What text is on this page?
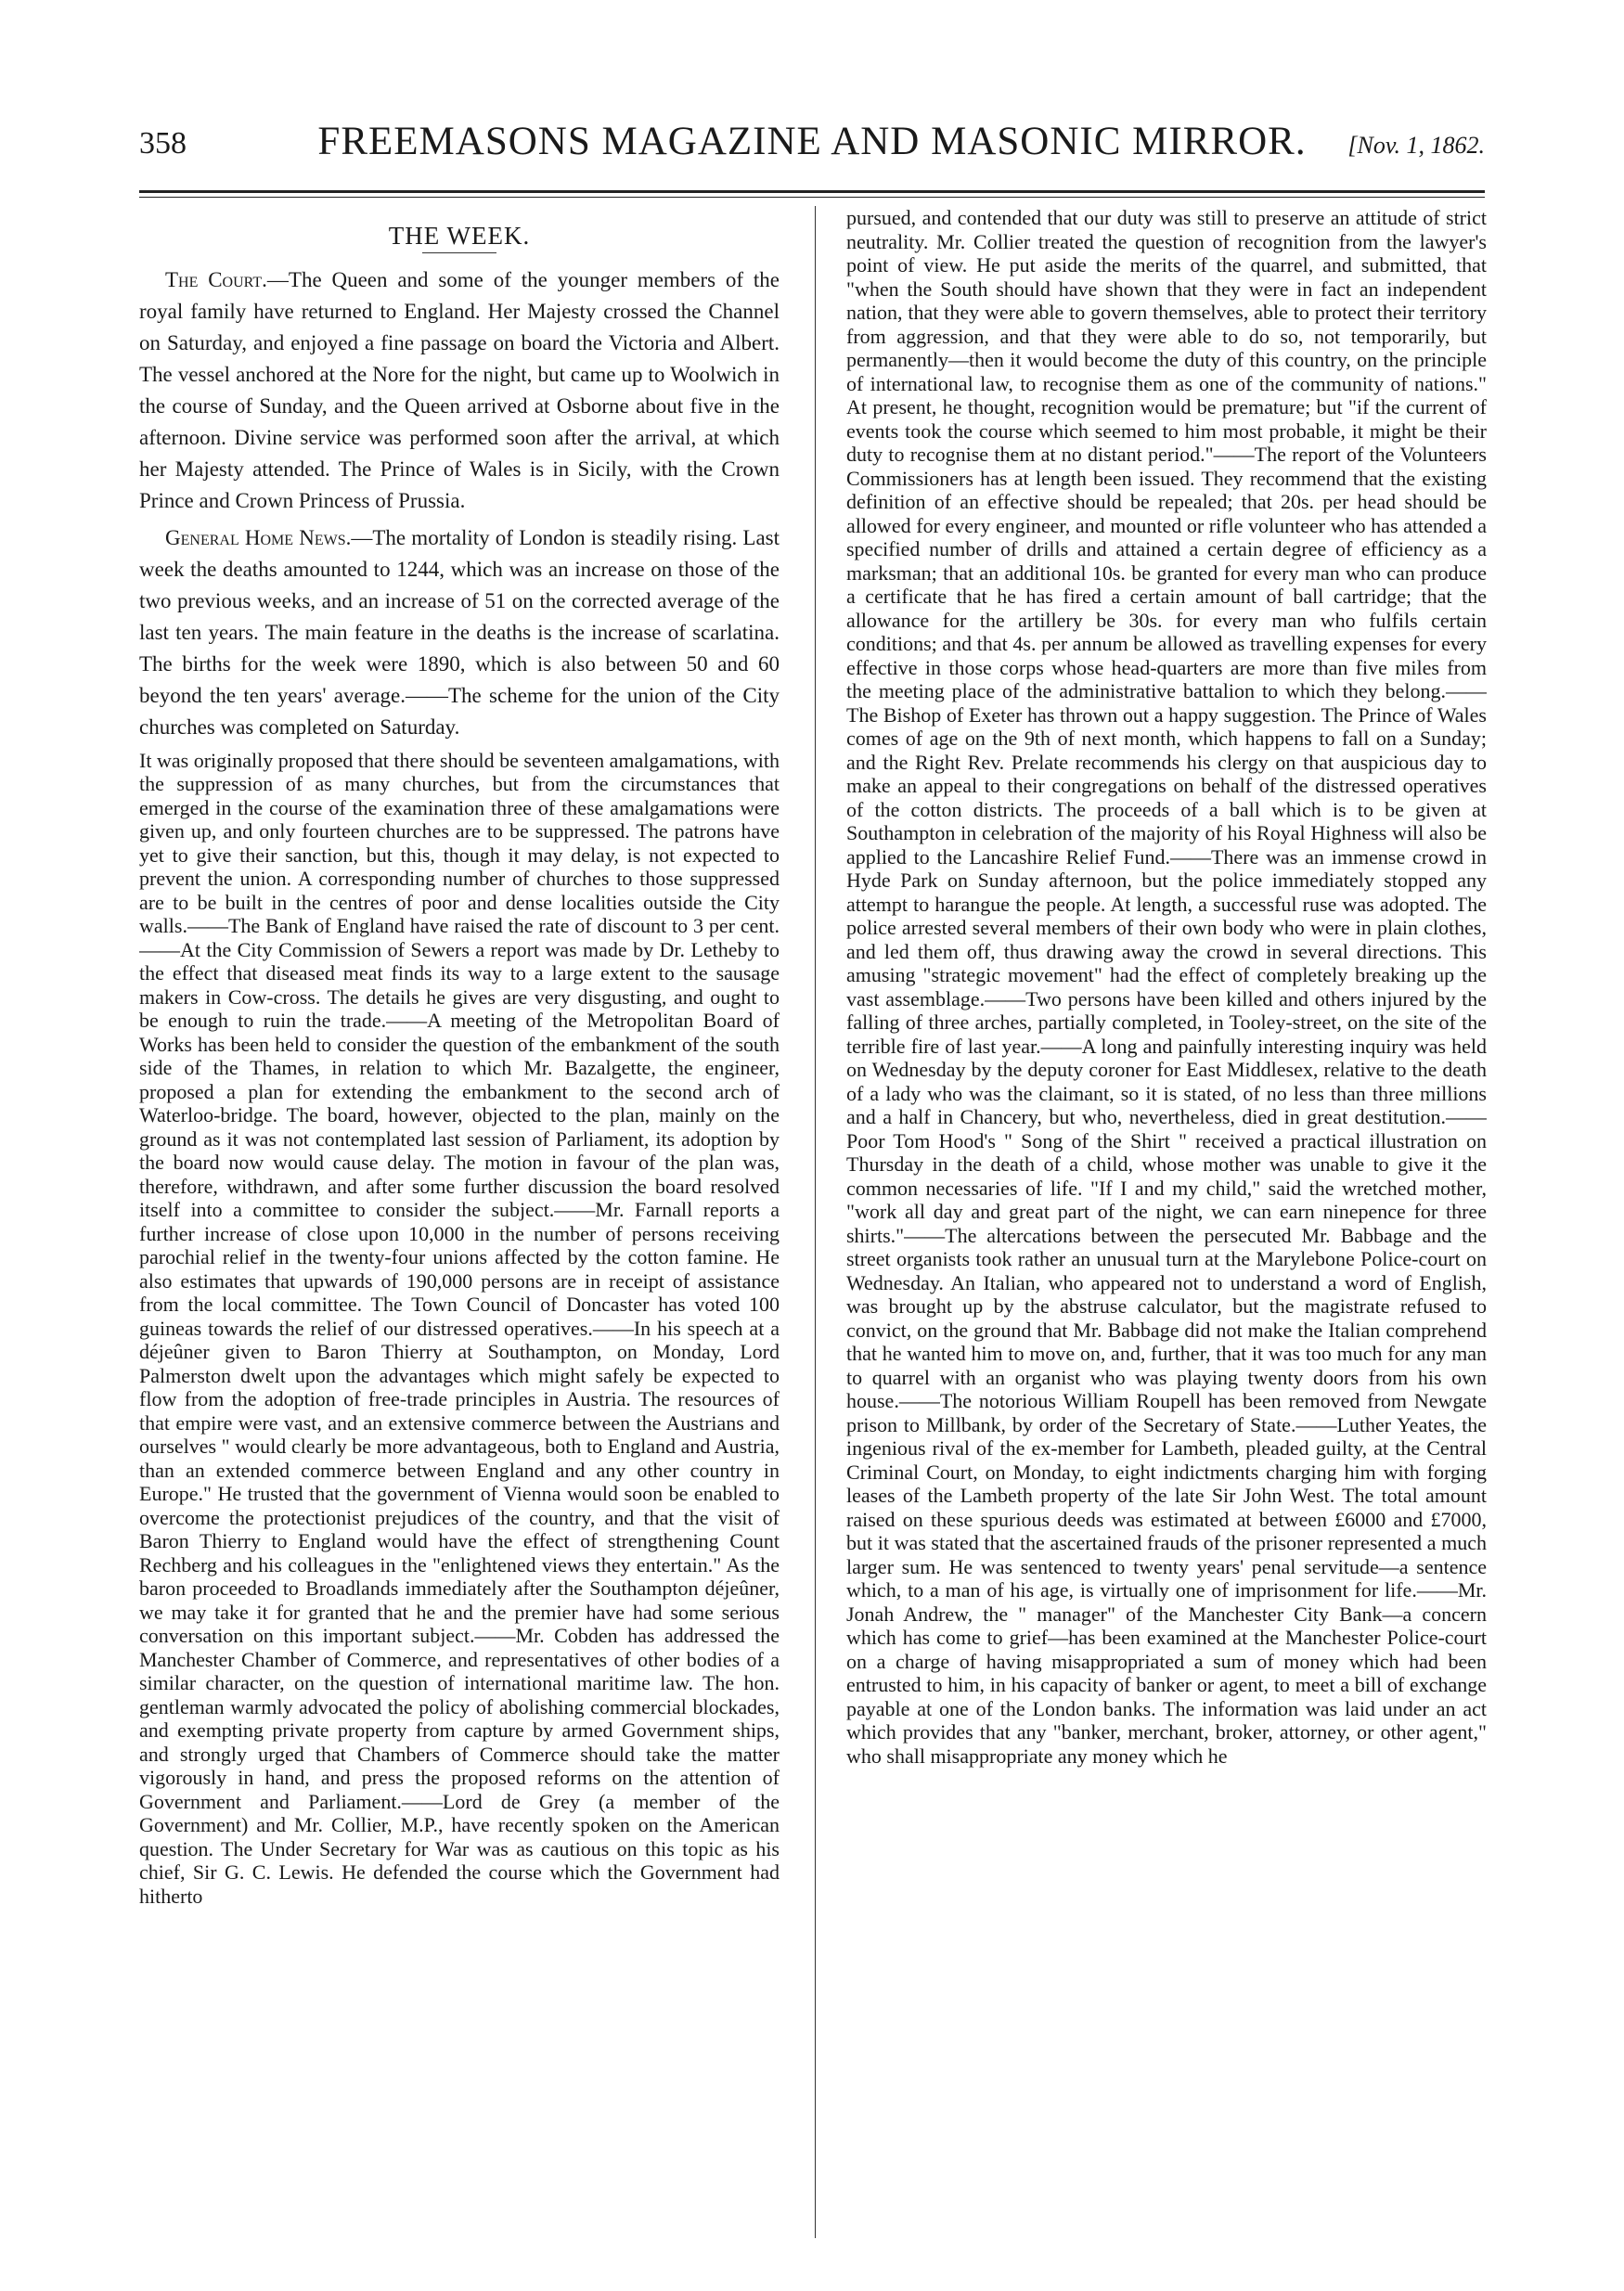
358	FREEMASONS MAGAZINE AND MASONIC MIRROR.	[Nov. 1, 1862.
THE WEEK.

The Court.—The Queen and some of the younger members of the royal family have returned to England. Her Majesty crossed the Channel on Saturday, and enjoyed a fine passage on board the Victoria and Albert. The vessel anchored at the Nore for the night, but came up to Woolwich in the course of Sunday, and the Queen arrived at Osborne about five in the afternoon. Divine service was performed soon after the arrival, at which her Majesty attended. The Prince of Wales is in Sicily, with the Crown Prince and Crown Princess of Prussia.

General Home News.—The mortality of London is steadily rising. Last week the deaths amounted to 1244, which was an increase on those of the two previous weeks, and an increase of 51 on the corrected average of the last ten years. The main feature in the deaths is the increase of scarlatina. The births for the week were 1890, which is also between 50 and 60 beyond the ten years' average.——The scheme for the union of the City churches was completed on Saturday.

It was originally proposed that there should be seventeen amalgamations, with the suppression of as many churches, but from the circumstances that emerged in the course of the examination three of these amalgamations were given up, and only fourteen churches are to be suppressed. The patrons have yet to give their sanction, but this, though it may delay, is not expected to prevent the union. A corresponding number of churches to those suppressed are to be built in the centres of poor and dense localities outside the City walls.——The Bank of England have raised the rate of discount to 3 per cent.——At the City Commission of Sewers a report was made by Dr. Letheby to the effect that diseased meat finds its way to a large extent to the sausage makers in Cow-cross. The details he gives are very disgusting, and ought to be enough to ruin the trade.——A meeting of the Metropolitan Board of Works has been held to consider the question of the embankment of the south side of the Thames, in relation to which Mr. Bazalgette, the engineer, proposed a plan for extending the embankment to the second arch of Waterloo-bridge. The board, however, objected to the plan, mainly on the ground as it was not contemplated last session of Parliament, its adoption by the board now would cause delay. The motion in favour of the plan was, therefore, withdrawn, and after some further discussion the board resolved itself into a committee to consider the subject.——Mr. Farnall reports a further increase of close upon 10,000 in the number of persons receiving parochial relief in the twenty-four unions affected by the cotton famine. He also estimates that upwards of 190,000 persons are in receipt of assistance from the local committee. The Town Council of Doncaster has voted 100 guineas towards the relief of our distressed operatives.——In his speech at a déjeûner given to Baron Thierry at Southampton, on Monday, Lord Palmerston dwelt upon the advantages which might safely be expected to flow from the adoption of free-trade principles in Austria. The resources of that empire were vast, and an extensive commerce between the Austrians and ourselves " would clearly be more advantageous, both to England and Austria, than an extended commerce between England and any other country in Europe." He trusted that the government of Vienna would soon be enabled to overcome the protectionist prejudices of the country, and that the visit of Baron Thierry to England would have the effect of strengthening Count Rechberg and his colleagues in the "enlightened views they entertain." As the baron proceeded to Broadlands immediately after the Southampton déjeûner, we may take it for granted that he and the premier have had some serious conversation on this important subject.——Mr. Cobden has addressed the Manchester Chamber of Commerce, and representatives of other bodies of a similar character, on the question of international maritime law. The hon. gentleman warmly advocated the policy of abolishing commercial blockades, and exempting private property from capture by armed Government ships, and strongly urged that Chambers of Commerce should take the matter vigorously in hand, and press the proposed reforms on the attention of Government and Parliament.——Lord de Grey (a member of the Government) and Mr. Collier, M.P., have recently spoken on the American question. The Under Secretary for War was as cautious on this topic as his chief, Sir G. C. Lewis. He defended the course which the Government had hitherto

pursued, and contended that our duty was still to preserve an attitude of strict neutrality. Mr. Collier treated the question of recognition from the lawyer's point of view. He put aside the merits of the quarrel, and submitted, that "when the South should have shown that they were in fact an independent nation, that they were able to govern themselves, able to protect their territory from aggression, and that they were able to do so, not temporarily, but permanently—then it would become the duty of this country, on the principle of international law, to recognise them as one of the community of nations." At present, he thought, recognition would be premature; but "if the current of events took the course which seemed to him most probable, it might be their duty to recognise them at no distant period."——The report of the Volunteers Commissioners has at length been issued. They recommend that the existing definition of an effective should be repealed; that 20s. per head should be allowed for every engineer, and mounted or rifle volunteer who has attended a specified number of drills and attained a certain degree of efficiency as a marksman; that an additional 10s. be granted for every man who can produce a certificate that he has fired a certain amount of ball cartridge; that the allowance for the artillery be 30s. for every man who fulfils certain conditions; and that 4s. per annum be allowed as travelling expenses for every effective in those corps whose head-quarters are more than five miles from the meeting place of the administrative battalion to which they belong.——The Bishop of Exeter has thrown out a happy suggestion. The Prince of Wales comes of age on the 9th of next month, which happens to fall on a Sunday; and the Right Rev. Prelate recommends his clergy on that auspicious day to make an appeal to their congregations on behalf of the distressed operatives of the cotton districts. The proceeds of a ball which is to be given at Southampton in celebration of the majority of his Royal Highness will also be applied to the Lancashire Relief Fund.——There was an immense crowd in Hyde Park on Sunday afternoon, but the police immediately stopped any attempt to harangue the people. At length, a successful ruse was adopted. The police arrested several members of their own body who were in plain clothes, and led them off, thus drawing away the crowd in several directions. This amusing "strategic movement" had the effect of completely breaking up the vast assemblage.——Two persons have been killed and others injured by the falling of three arches, partially completed, in Tooley-street, on the site of the terrible fire of last year.——A long and painfully interesting inquiry was held on Wednesday by the deputy coroner for East Middlesex, relative to the death of a lady who was the claimant, so it is stated, of no less than three millions and a half in Chancery, but who, nevertheless, died in great destitution.——Poor Tom Hood's " Song of the Shirt " received a practical illustration on Thursday in the death of a child, whose mother was unable to give it the common necessaries of life. "If I and my child," said the wretched mother, "work all day and great part of the night, we can earn ninepence for three shirts."——The altercations between the persecuted Mr. Babbage and the street organists took rather an unusual turn at the Marylebone Police-court on Wednesday. An Italian, who appeared not to understand a word of English, was brought up by the abstruse calculator, but the magistrate refused to convict, on the ground that Mr. Babbage did not make the Italian comprehend that he wanted him to move on, and, further, that it was too much for any man to quarrel with an organist who was playing twenty doors from his own house.——The notorious William Roupell has been removed from Newgate prison to Millbank, by order of the Secretary of State.——Luther Yeates, the ingenious rival of the ex-member for Lambeth, pleaded guilty, at the Central Criminal Court, on Monday, to eight indictments charging him with forging leases of the Lambeth property of the late Sir John West. The total amount raised on these spurious deeds was estimated at between £6000 and £7000, but it was stated that the ascertained frauds of the prisoner represented a much larger sum. He was sentenced to twenty years' penal servitude—a sentence which, to a man of his age, is virtually one of imprisonment for life.——Mr. Jonah Andrew, the " manager" of the Manchester City Bank—a concern which has come to grief—has been examined at the Manchester Police-court on a charge of having misappropriated a sum of money which had been entrusted to him, in his capacity of banker or agent, to meet a bill of exchange payable at one of the London banks. The information was laid under an act which provides that any "banker, merchant, broker, attorney, or other agent," who shall misappropriate any money which he
